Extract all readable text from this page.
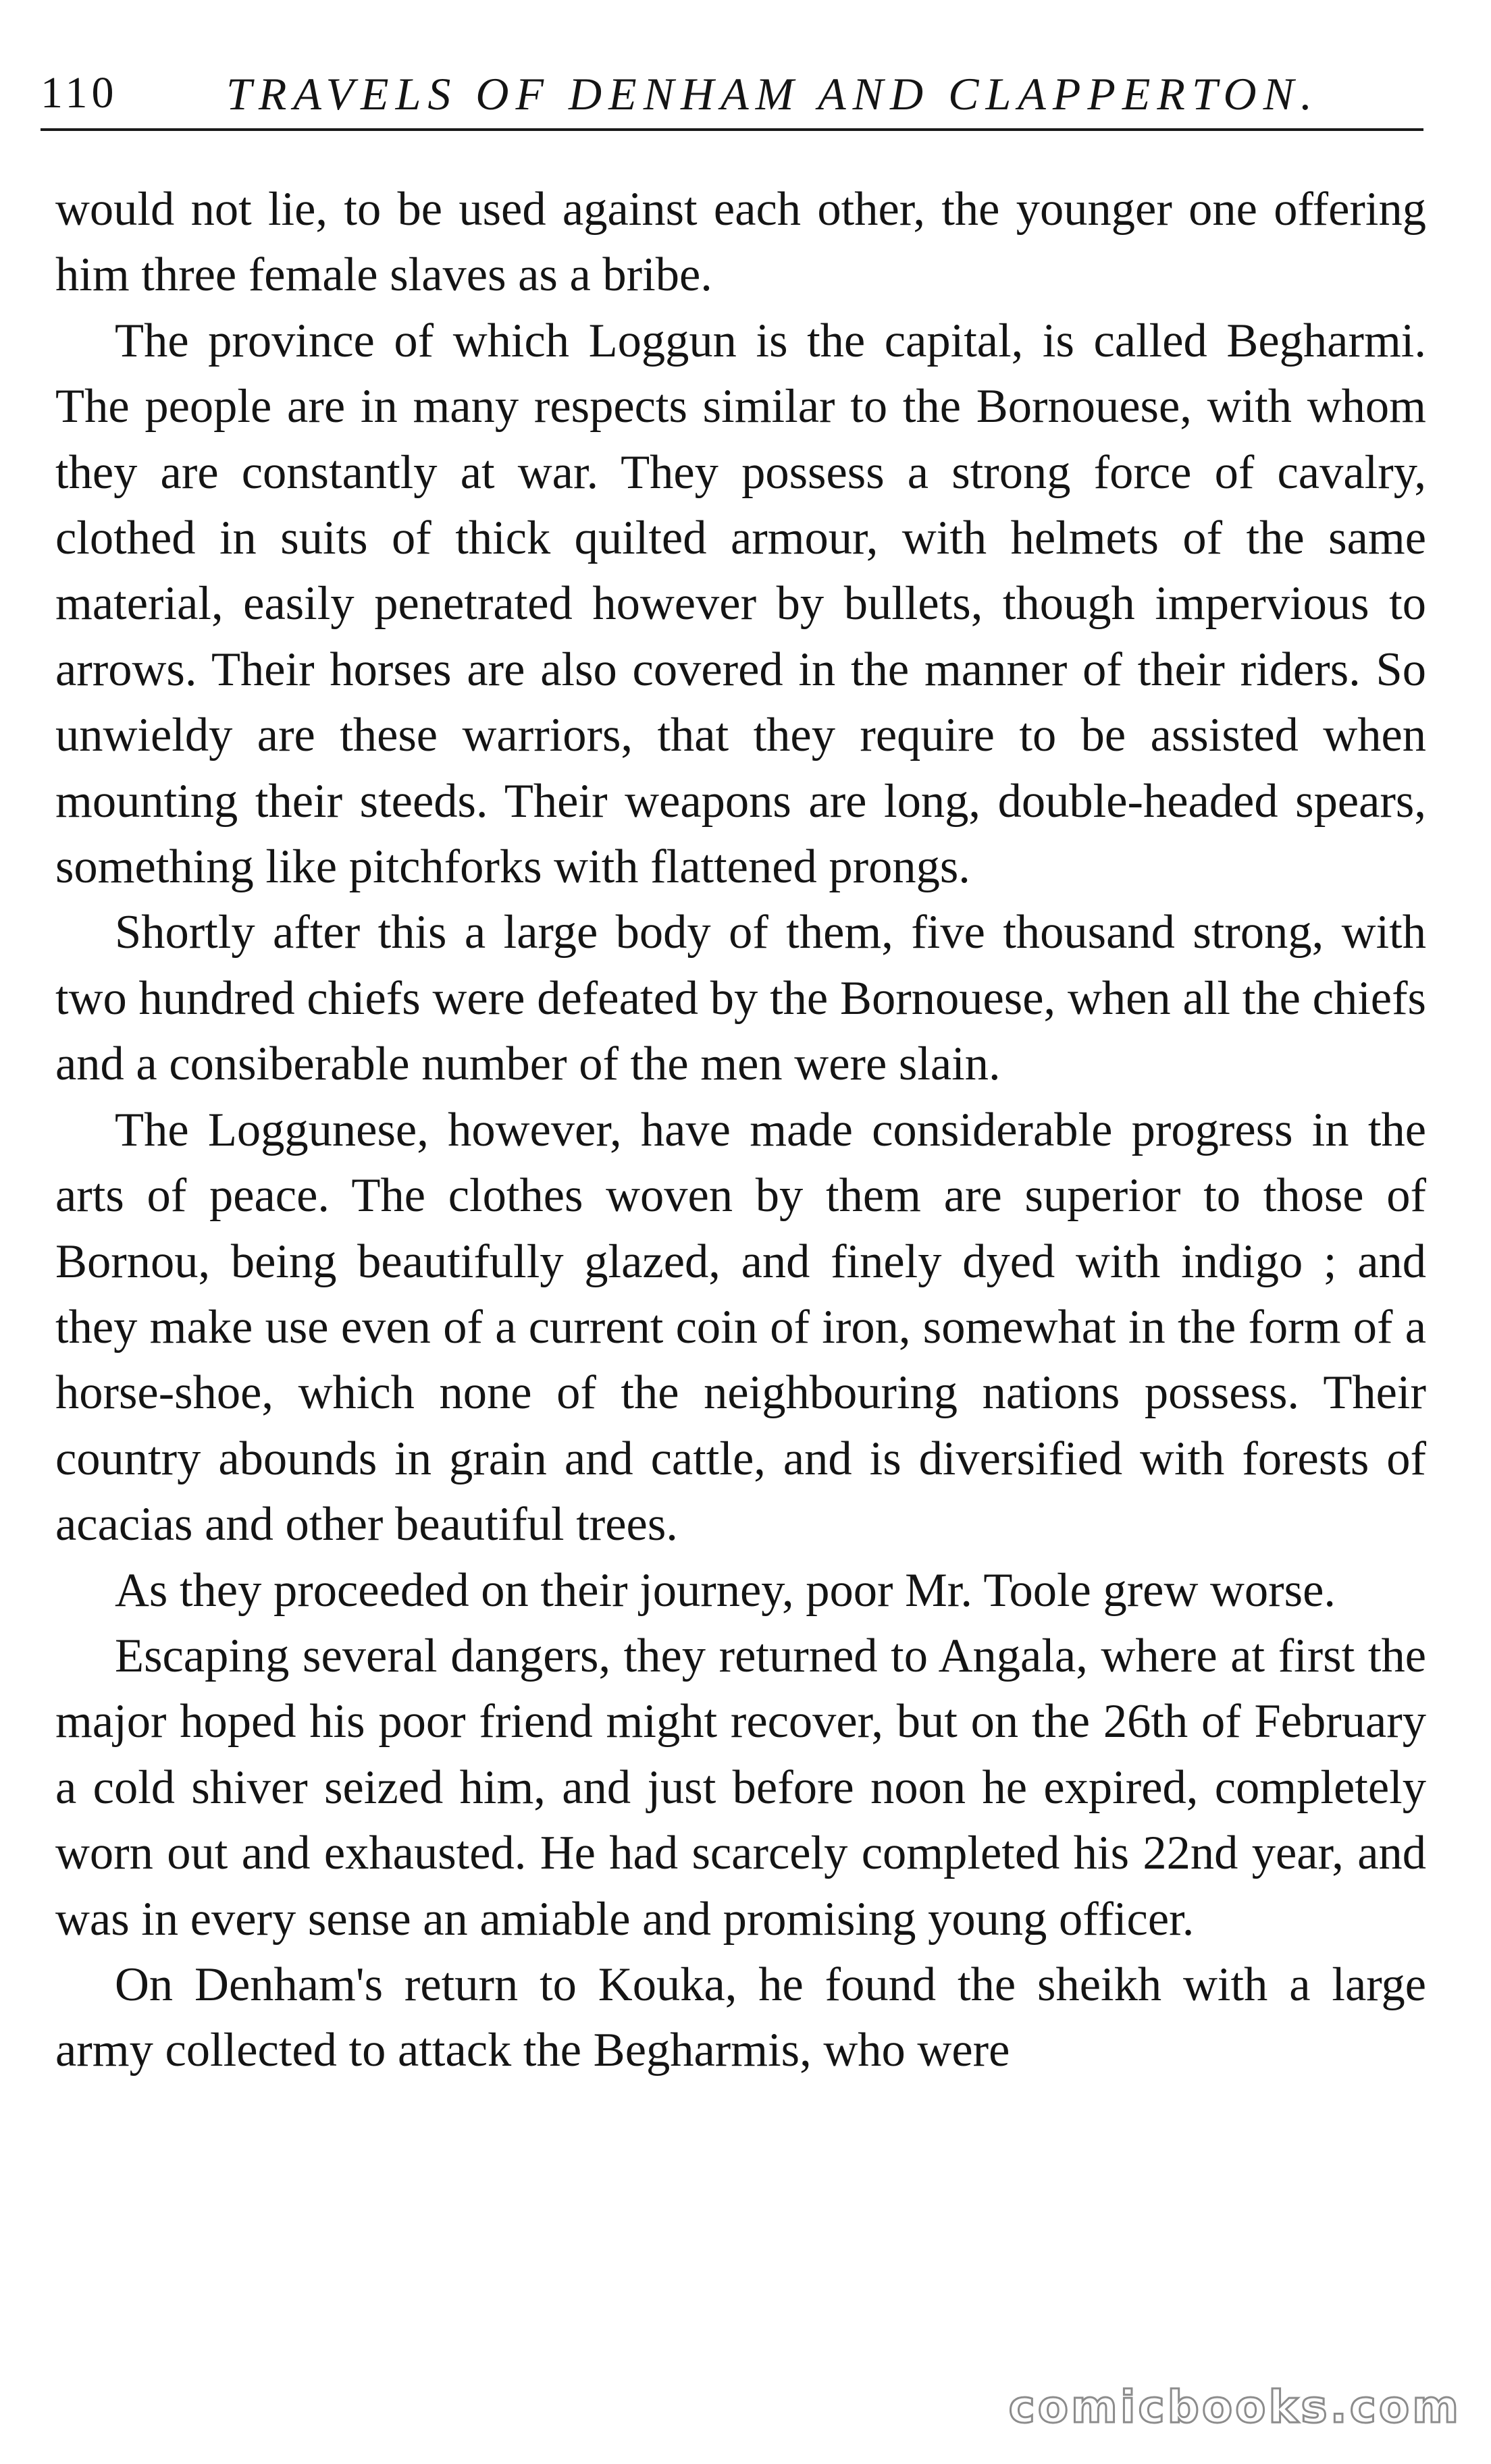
110 TRAVELS OF DENHAM AND CLAPPERTON.

would not lie, to be used against each other, the younger one offering him three female slaves as a bribe.

The province of which Loggun is the capital, is called Begharmi. The people are in many respects similar to the Bornouese, with whom they are constantly at war. They possess a strong force of cavalry, clothed in suits of thick quilted armour, with helmets of the same material, easily penetrated however by bullets, though impervious to arrows. Their horses are also covered in the manner of their riders. So unwieldy are these warriors, that they require to be assisted when mounting their steeds. Their weapons are long, double-headed spears, something like pitchforks with flattened prongs.

Shortly after this a large body of them, five thousand strong, with two hundred chiefs were defeated by the Bornouese, when all the chiefs and a consiberable number of the men were slain.

The Loggunese, however, have made considerable progress in the arts of peace. The clothes woven by them are superior to those of Bornou, being beautifully glazed, and finely dyed with indigo ; and they make use even of a current coin of iron, somewhat in the form of a horse-shoe, which none of the neighbouring nations possess. Their country abounds in grain and cattle, and is diversified with forests of acacias and other beautiful trees.

As they proceeded on their journey, poor Mr. Toole grew worse.

Escaping several dangers, they returned to Angala, where at first the major hoped his poor friend might recover, but on the 26th of February a cold shiver seized him, and just before noon he expired, completely worn out and exhausted. He had scarcely completed his 22nd year, and was in every sense an amiable and promising young officer.

On Denham's return to Kouka, he found the sheikh with a large army collected to attack the Begharmis, who were

comicbooks.com
